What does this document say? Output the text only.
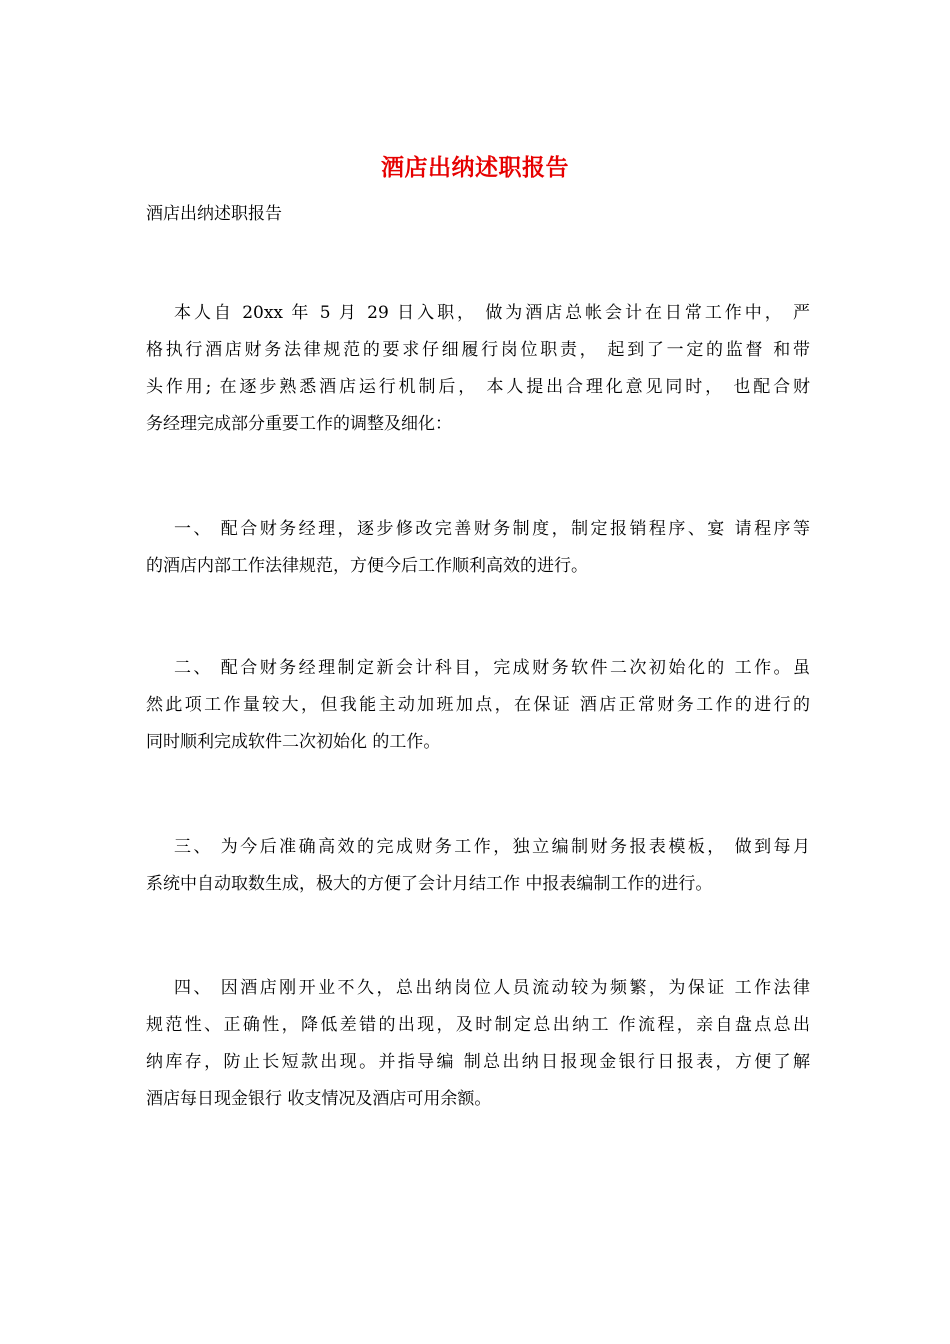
酒店出纳述职报告
酒店出纳述职报告
本人自 20xx 年 5 月 29 日入职， 做为酒店总帐会计在日常工作中， 严
格执行酒店财务法律规范的要求仔细履行岗位职责， 起到了一定的监督 和带
头作用; 在逐步熟悉酒店运行机制后， 本人提出合理化意见同时， 也配合财
务经理完成部分重要工作的调整及细化：
一、 配合财务经理，逐步修改完善财务制度，制定报销程序、宴 请程序等
的酒店内部工作法律规范，方便今后工作顺利高效的进行。
二、 配合财务经理制定新会计科目，完成财务软件二次初始化的 工作。虽
然此项工作量较大，但我能主动加班加点，在保证 酒店正常财务工作的进行的
同时顺利完成软件二次初始化 的工作。
三、 为今后准确高效的完成财务工作，独立编制财务报表模板， 做到每月
系统中自动取数生成，极大的方便了会计月结工作 中报表编制工作的进行。
四、 因酒店刚开业不久，总出纳岗位人员流动较为频繁，为保证 工作法律
规范性、正确性，降低差错的出现，及时制定总出纳工 作流程，亲自盘点总出
纳库存，防止长短款出现。并指导编 制总出纳日报现金银行日报表，方便了解
酒店每日现金银行 收支情况及酒店可用余额。
